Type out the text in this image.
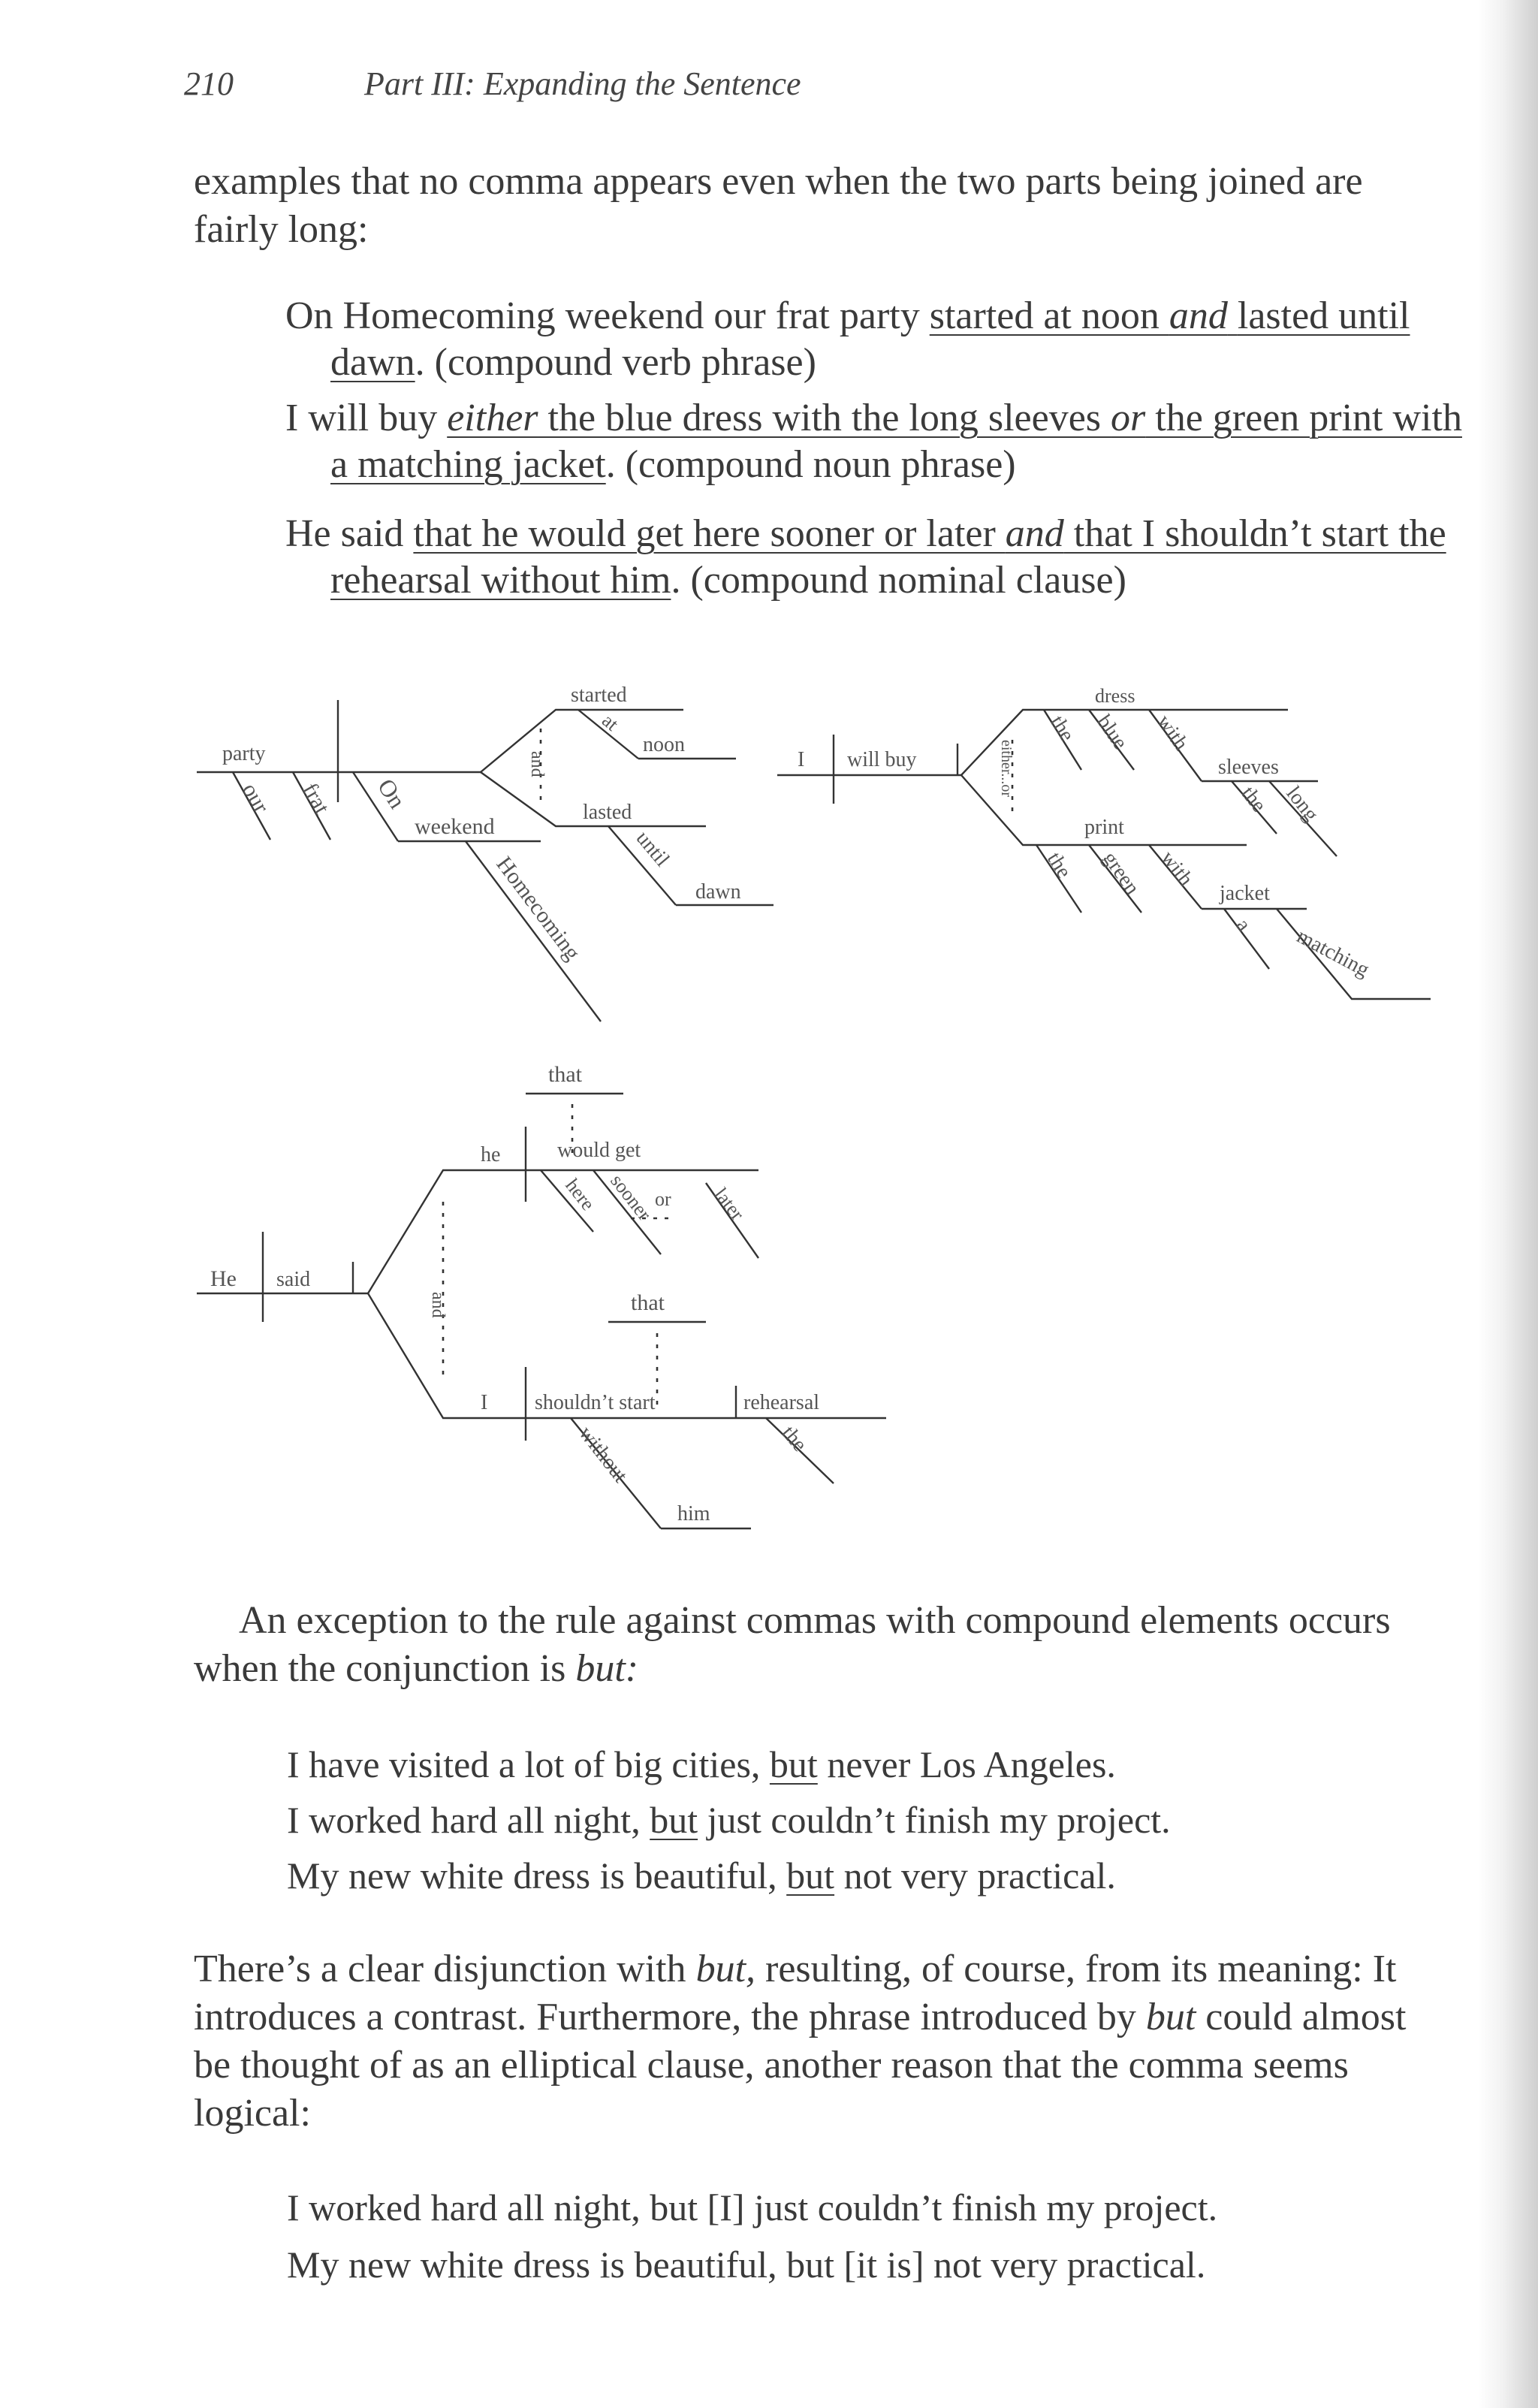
210	Part III: Expanding the Sentence

examples that no comma appears even when the two parts being joined are fairly long:

On Homecoming weekend our frat party started at noon and lasted until dawn. (compound verb phrase)

I will buy either the blue dress with the long sleeves or the green print with a matching jacket. (compound noun phrase)

He said that he would get here sooner or later and that I shouldn’t start the rehearsal without him. (compound nominal clause)

party
our frat On
weekend
Homecoming
and
started
at
noon
lasted
until
dawn
I will buy	either...or
dress
the blue with
sleeves
the long
print
the green with
jacket
a matching
He said
and
that
he	would get
here sooner or later
that
I shouldn’t start	rehearsal
the
without
him

An exception to the rule against commas with compound elements occurs when the conjunction is but:

I have visited a lot of big cities, but never Los Angeles.

I worked hard all night, but just couldn’t finish my project.

My new white dress is beautiful, but not very practical.

There’s a clear disjunction with but, resulting, of course, from its meaning: It introduces a contrast. Furthermore, the phrase introduced by but could almost be thought of as an elliptical clause, another reason that the comma seems logical:

I worked hard all night, but [I] just couldn’t finish my project.

My new white dress is beautiful, but [it is] not very practical.
